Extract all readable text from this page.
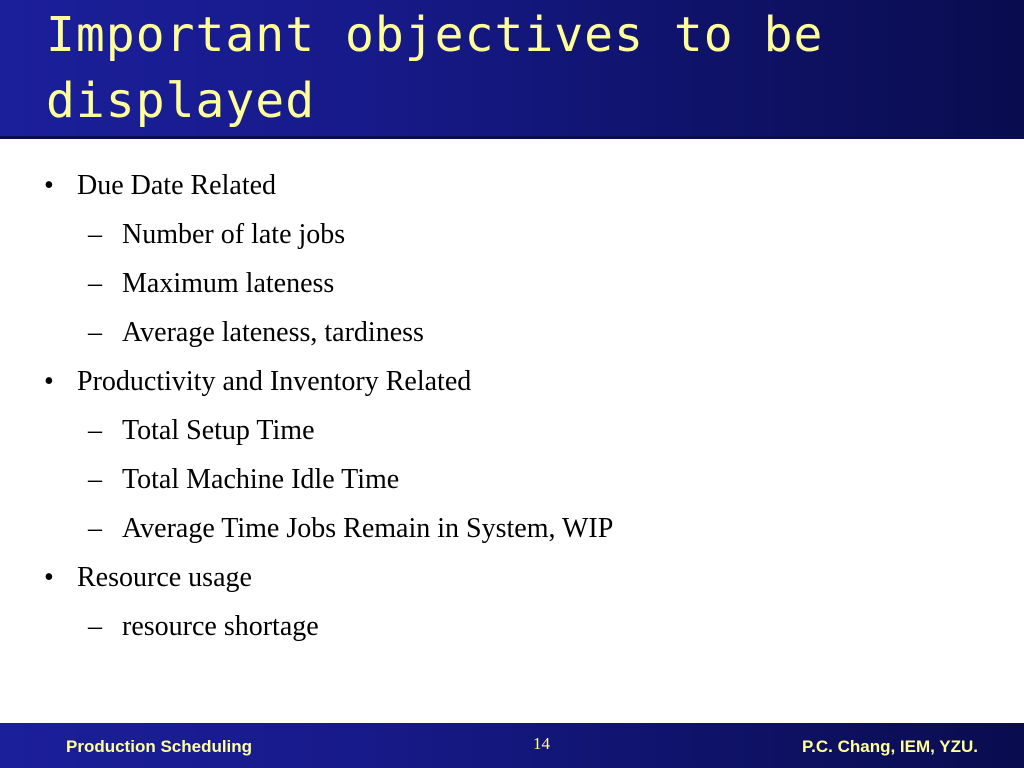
Important objectives to be displayed
• Due Date Related
– Number of late jobs
– Maximum lateness
– Average lateness, tardiness
• Productivity and Inventory Related
– Total Setup Time
– Total Machine Idle Time
– Average Time Jobs Remain in System, WIP
• Resource usage
– resource shortage
Production Scheduling	14	P.C. Chang, IEM, YZU.
